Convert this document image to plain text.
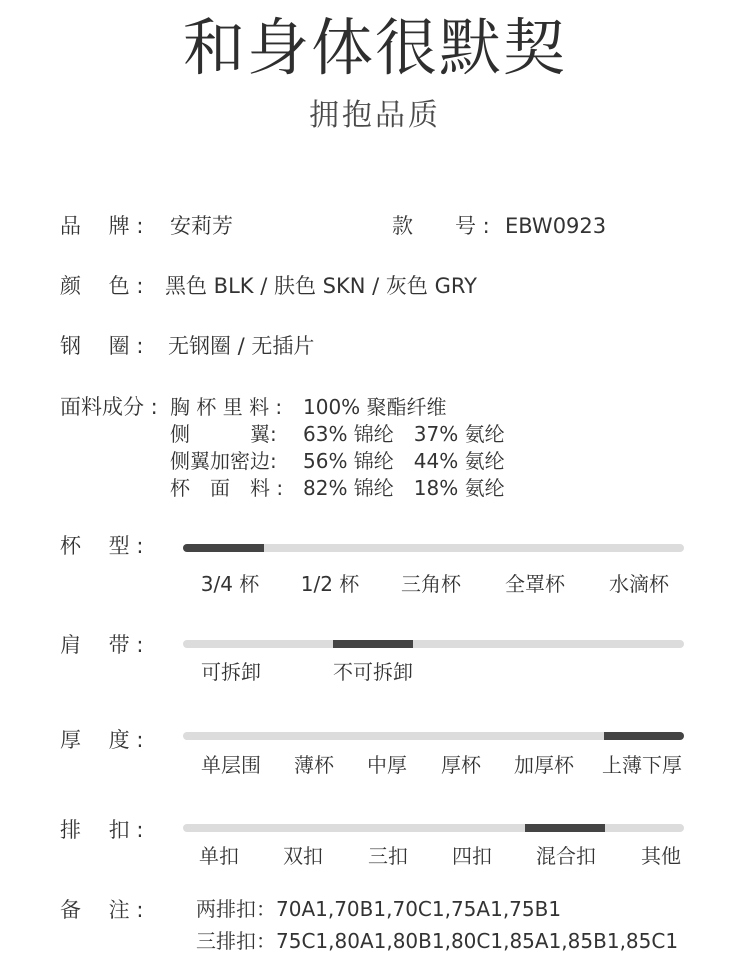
和身体很默契
拥抱品质
品　 牌 : 安莉芳	款　　号 : EBW0923
颜　 色 : 黑色 BLK / 肤色 SKN / 灰色 GRY
钢　 圈 : 无钢圈 / 无插片
面料成分 : 胸 杯 里 料 : 100% 聚酯纤维
侧　　　翼: 63% 锦纶　37% 氨纶
侧翼加密边: 56% 锦纶　44% 氨纶
杯　面　料 : 82% 锦纶　18% 氨纶
杯　 型 :
3/4 杯 1/2 杯 三角杯 全罩杯 水滴杯
肩　 带 :
可拆卸	不可拆卸
厚　 度 :
单层围 薄杯 中厚 厚杯 加厚杯 上薄下厚
排　 扣 :
单扣 双扣 三扣 四扣 混合扣 其他
备　 注 :	两排扣：70A1,70B1,70C1,75A1,75B1
三排扣：75C1,80A1,80B1,80C1,85A1,85B1,85C1
